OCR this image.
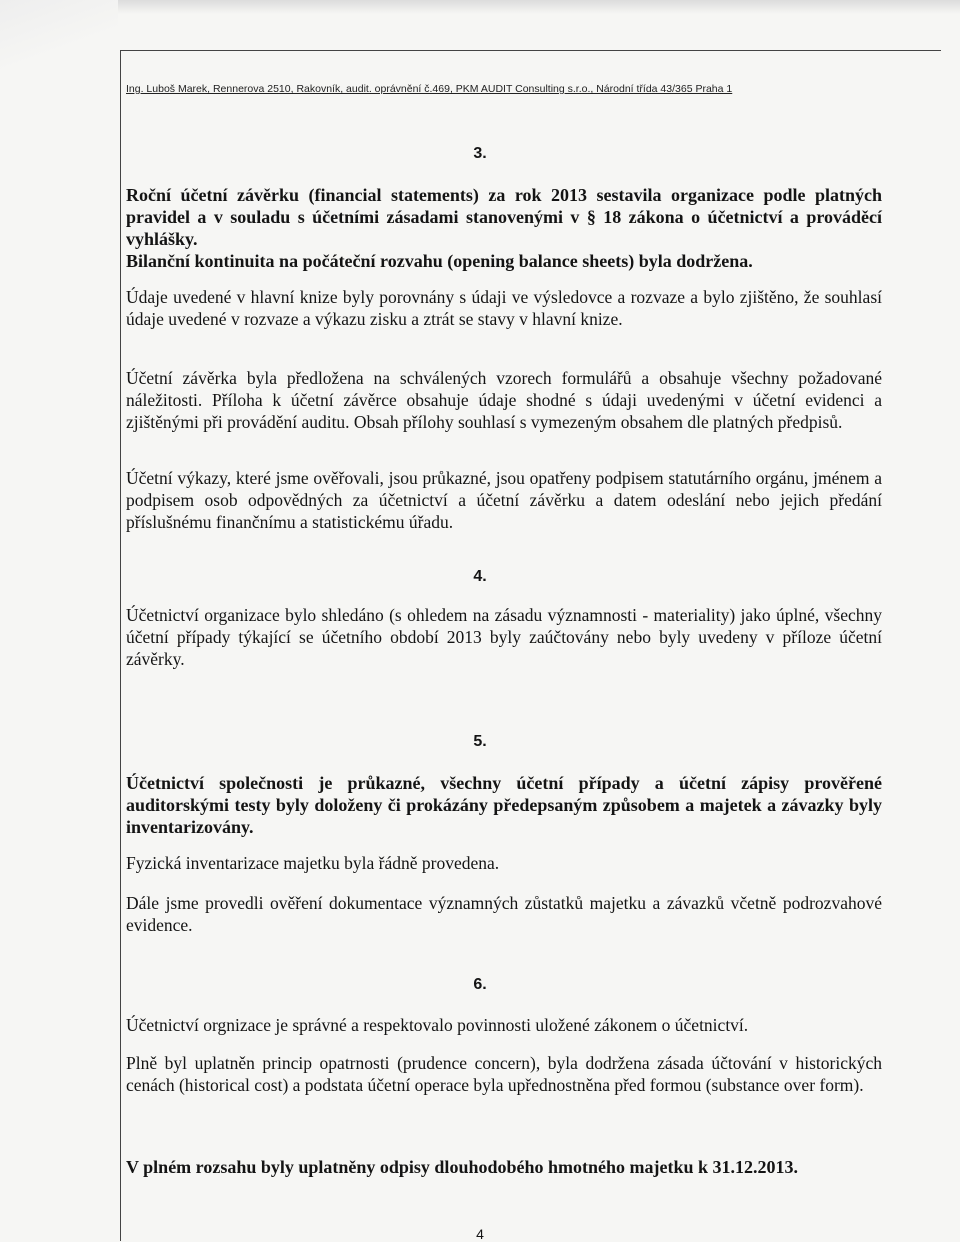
Ing. Luboš Marek, Rennerova 2510, Rakovník, audit. oprávnění č.469, PKM AUDIT Consulting s.r.o., Národní třída 43/365 Praha 1
3.
Roční účetní závěrku (financial statements) za rok 2013 sestavila organizace podle platných pravidel a v souladu s účetními zásadami stanovenými v § 18 zákona o účetnictví a prováděcí vyhlášky.
Bilanční kontinuita na počáteční rozvahu (opening balance sheets) byla dodržena.
Údaje uvedené v hlavní knize byly porovnány s údaji ve výsledovce a rozvaze a bylo zjištěno, že souhlasí údaje uvedené v rozvaze a výkazu zisku a ztrát se stavy v hlavní knize.
Účetní závěrka byla předložena na schválených vzorech formulářů a obsahuje všechny požadované náležitosti. Příloha k účetní závěrce obsahuje údaje shodné s údaji uvedenými v účetní evidenci a zjištěnými při provádění auditu. Obsah přílohy souhlasí s vymezeným obsahem dle platných předpisů.
Účetní výkazy, které jsme ověřovali, jsou průkazné, jsou opatřeny podpisem statutárního orgánu, jménem a podpisem osob odpovědných za účetnictví a účetní závěrku a datem odeslání nebo jejich předání příslušnému finančnímu a statistickému úřadu.
4.
Účetnictví organizace bylo shledáno (s ohledem na zásadu významnosti - materiality) jako úplné, všechny účetní případy týkající se účetního období 2013 byly zaúčtovány nebo byly uvedeny v příloze účetní závěrky.
5.
Účetnictví společnosti je průkazné, všechny účetní případy a účetní zápisy prověřené auditorskými testy byly doloženy či prokázány předepsaným způsobem a majetek a závazky byly inventarizovány.
Fyzická inventarizace majetku byla řádně provedena.
Dále jsme provedli ověření dokumentace významných zůstatků majetku a závazků včetně podrozvahové evidence.
6.
Účetnictví orgnizace je správné a respektovalo povinnosti uložené zákonem o účetnictví.
Plně byl uplatněn princip opatrnosti (prudence concern), byla dodržena zásada účtování v historických cenách (historical cost) a podstata účetní operace byla upřednostněna před formou (substance over form).
V plném rozsahu byly uplatněny odpisy dlouhodobého hmotného majetku k 31.12.2013.
4
